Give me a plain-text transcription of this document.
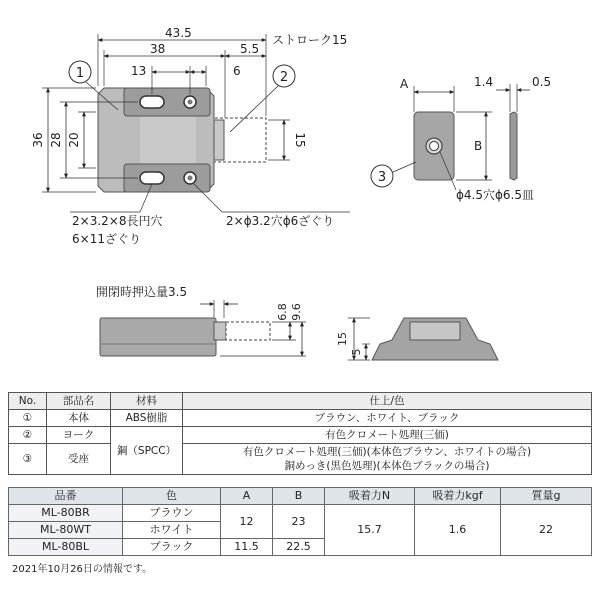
43.5	ストローク15
38	5.5
13	6
36 28 20	15
1	2
2×3.2×8長円穴
6×11ざぐり
2×ϕ3.2穴ϕ6ざぐり
A
B
1.4	0.5
3
ϕ4.5穴ϕ6.5皿
開閉時押込量3.5
6.8 9.6
15
5
No.	部品名	材料	仕上/色
①	本体	ABS樹脂	ブラウン、ホワイト、ブラック
②	ヨーク	鋼（SPCC）	有色クロメート処理(三価)
③	受座		有色クロメート処理(三価)(本体色ブラウン、ホワイトの場合)
銅めっき(黒色処理)(本体色ブラックの場合)
品番	色	A	B	吸着力N	吸着力kgf	質量g
ML-80BR	ブラウン	12	23	15.7	1.6	22
ML-80WT	ホワイト					
ML-80BL	ブラック	11.5	22.5			
2021年10月26日の情報です。
